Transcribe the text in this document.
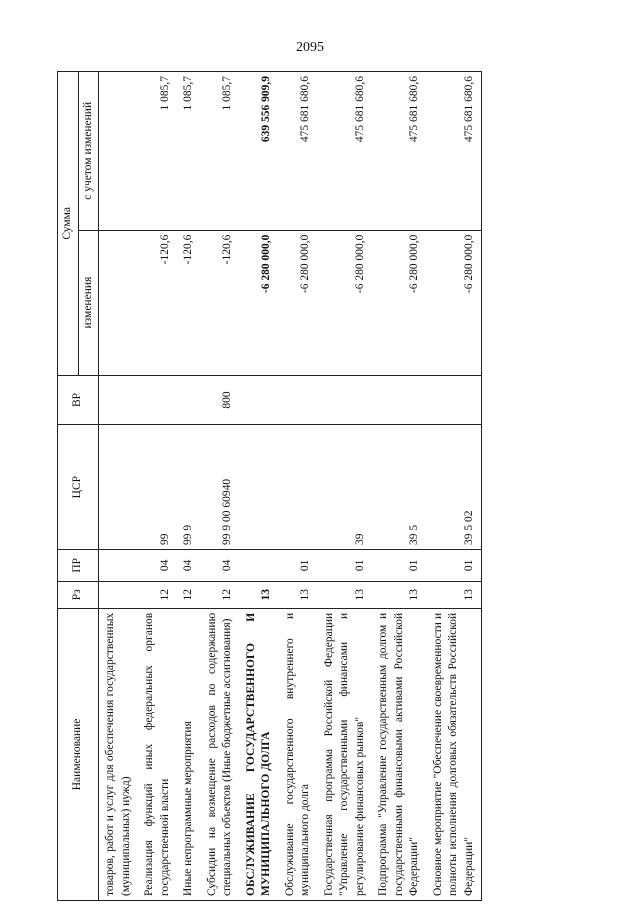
2095
Наименование	Рз	ПР	ЦСР	ВР	Сумма	
					изменения	с учетом изменений
товаров, работ и услуг для обеспечения государственных (муниципальных) нужд)						
Реализация функций иных федеральных органов государственной власти	12	04	99		-120,6	1 085,7
Иные непрограммные мероприятия	12	04	99 9		-120,6	1 085,7
Субсидии на возмещение расходов по содержанию специальных объектов (Иные бюджетные ассигнования)	12	04	99 9 00 60940	800	-120,6	1 085,7
ОБСЛУЖИВАНИЕ ГОСУДАРСТВЕННОГО И МУНИЦИПАЛЬНОГО ДОЛГА	13				-6 280 000,0	639 556 909,9
Обслуживание государственного внутреннего и муниципального долга	13	01			-6 280 000,0	475 681 680,6
Государственная программа Российской Федерации "Управление государственными финансами и регулирование финансовых рынков"	13	01	39		-6 280 000,0	475 681 680,6
Подпрограмма "Управление государственным долгом и государственными финансовыми активами Российской Федерации"	13	01	39 5		-6 280 000,0	475 681 680,6
Основное мероприятие "Обеспечение своевременности и полноты исполнения долговых обязательств Российской Федерации"	13	01	39 5 02		-6 280 000,0	475 681 680,6
